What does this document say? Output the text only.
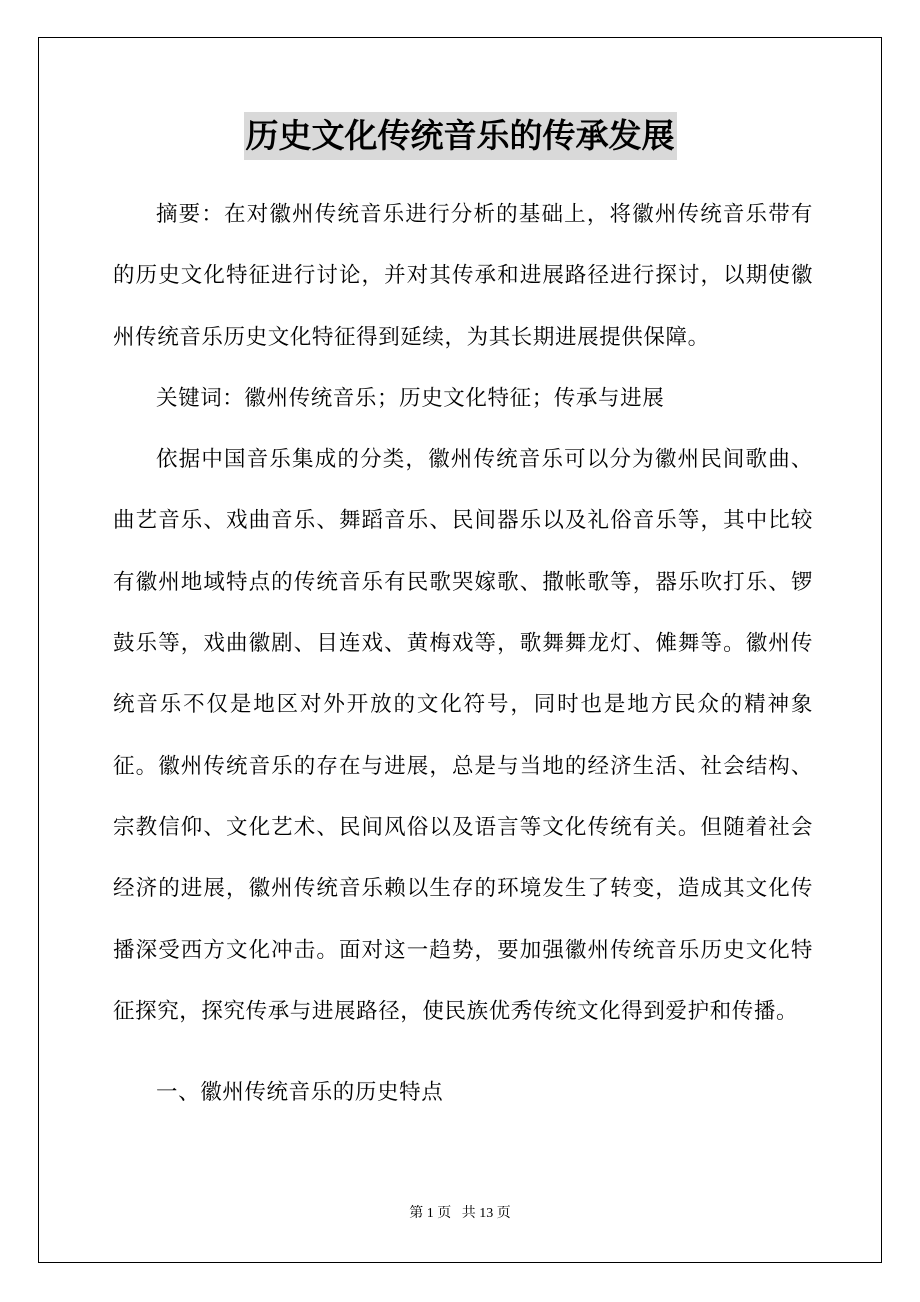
历史文化传统音乐的传承发展

摘要：在对徽州传统音乐进行分析的基础上，将徽州传统音乐带有的历史文化特征进行讨论，并对其传承和进展路径进行探讨，以期使徽州传统音乐历史文化特征得到延续，为其长期进展提供保障。

关键词：徽州传统音乐；历史文化特征；传承与进展

依据中国音乐集成的分类，徽州传统音乐可以分为徽州民间歌曲、曲艺音乐、戏曲音乐、舞蹈音乐、民间器乐以及礼俗音乐等，其中比较有徽州地域特点的传统音乐有民歌哭嫁歌、撒帐歌等，器乐吹打乐、锣鼓乐等，戏曲徽剧、目连戏、黄梅戏等，歌舞舞龙灯、傩舞等。徽州传统音乐不仅是地区对外开放的文化符号，同时也是地方民众的精神象征。徽州传统音乐的存在与进展，总是与当地的经济生活、社会结构、宗教信仰、文化艺术、民间风俗以及语言等文化传统有关。但随着社会经济的进展，徽州传统音乐赖以生存的环境发生了转变，造成其文化传播深受西方文化冲击。面对这一趋势，要加强徽州传统音乐历史文化特征探究，探究传承与进展路径，使民族优秀传统文化得到爱护和传播。

一、徽州传统音乐的历史特点

第 1 页 共 13 页
